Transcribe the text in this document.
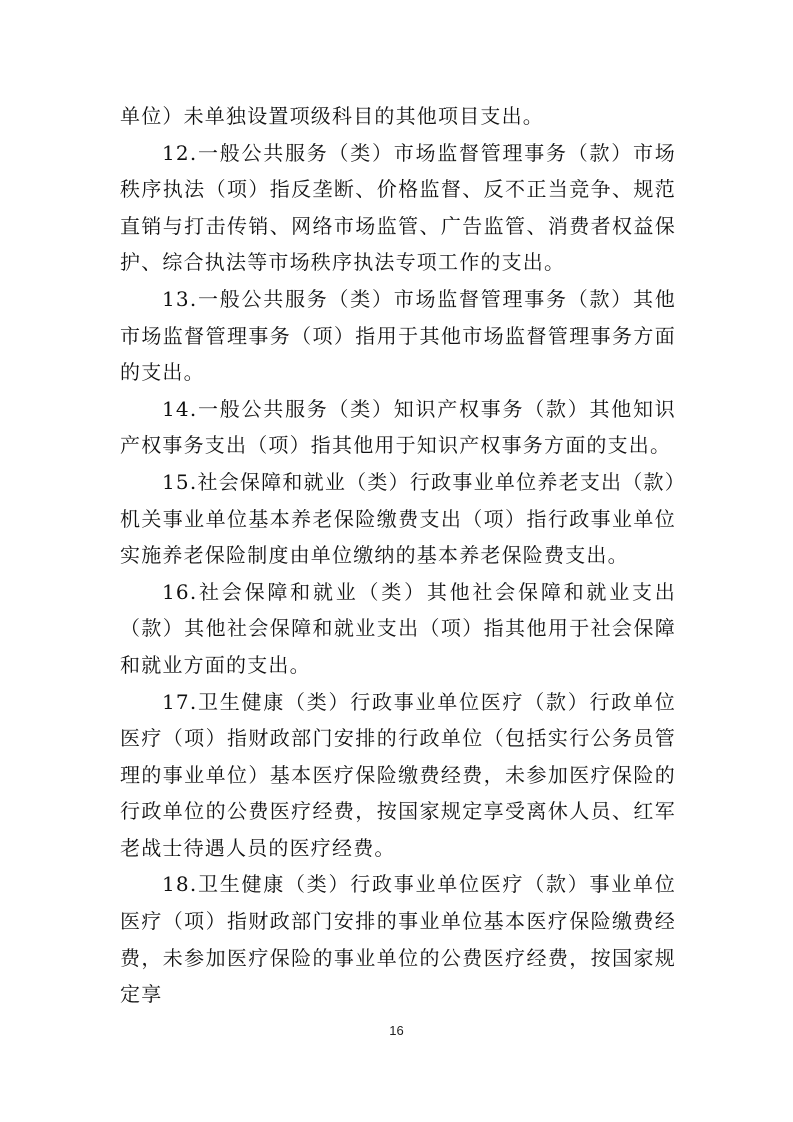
单位）未单独设置项级科目的其他项目支出。

12.一般公共服务（类）市场监督管理事务（款）市场秩序执法（项）指反垄断、价格监督、反不正当竞争、规范直销与打击传销、网络市场监管、广告监管、消费者权益保护、综合执法等市场秩序执法专项工作的支出。

13.一般公共服务（类）市场监督管理事务（款）其他市场监督管理事务（项）指用于其他市场监督管理事务方面的支出。

14.一般公共服务（类）知识产权事务（款）其他知识产权事务支出（项）指其他用于知识产权事务方面的支出。

15.社会保障和就业（类）行政事业单位养老支出（款）机关事业单位基本养老保险缴费支出（项）指行政事业单位实施养老保险制度由单位缴纳的基本养老保险费支出。

16.社会保障和就业（类）其他社会保障和就业支出（款）其他社会保障和就业支出（项）指其他用于社会保障和就业方面的支出。

17.卫生健康（类）行政事业单位医疗（款）行政单位医疗（项）指财政部门安排的行政单位（包括实行公务员管理的事业单位）基本医疗保险缴费经费，未参加医疗保险的行政单位的公费医疗经费，按国家规定享受离休人员、红军老战士待遇人员的医疗经费。

18.卫生健康（类）行政事业单位医疗（款）事业单位医疗（项）指财政部门安排的事业单位基本医疗保险缴费经费，未参加医疗保险的事业单位的公费医疗经费，按国家规定享

16
